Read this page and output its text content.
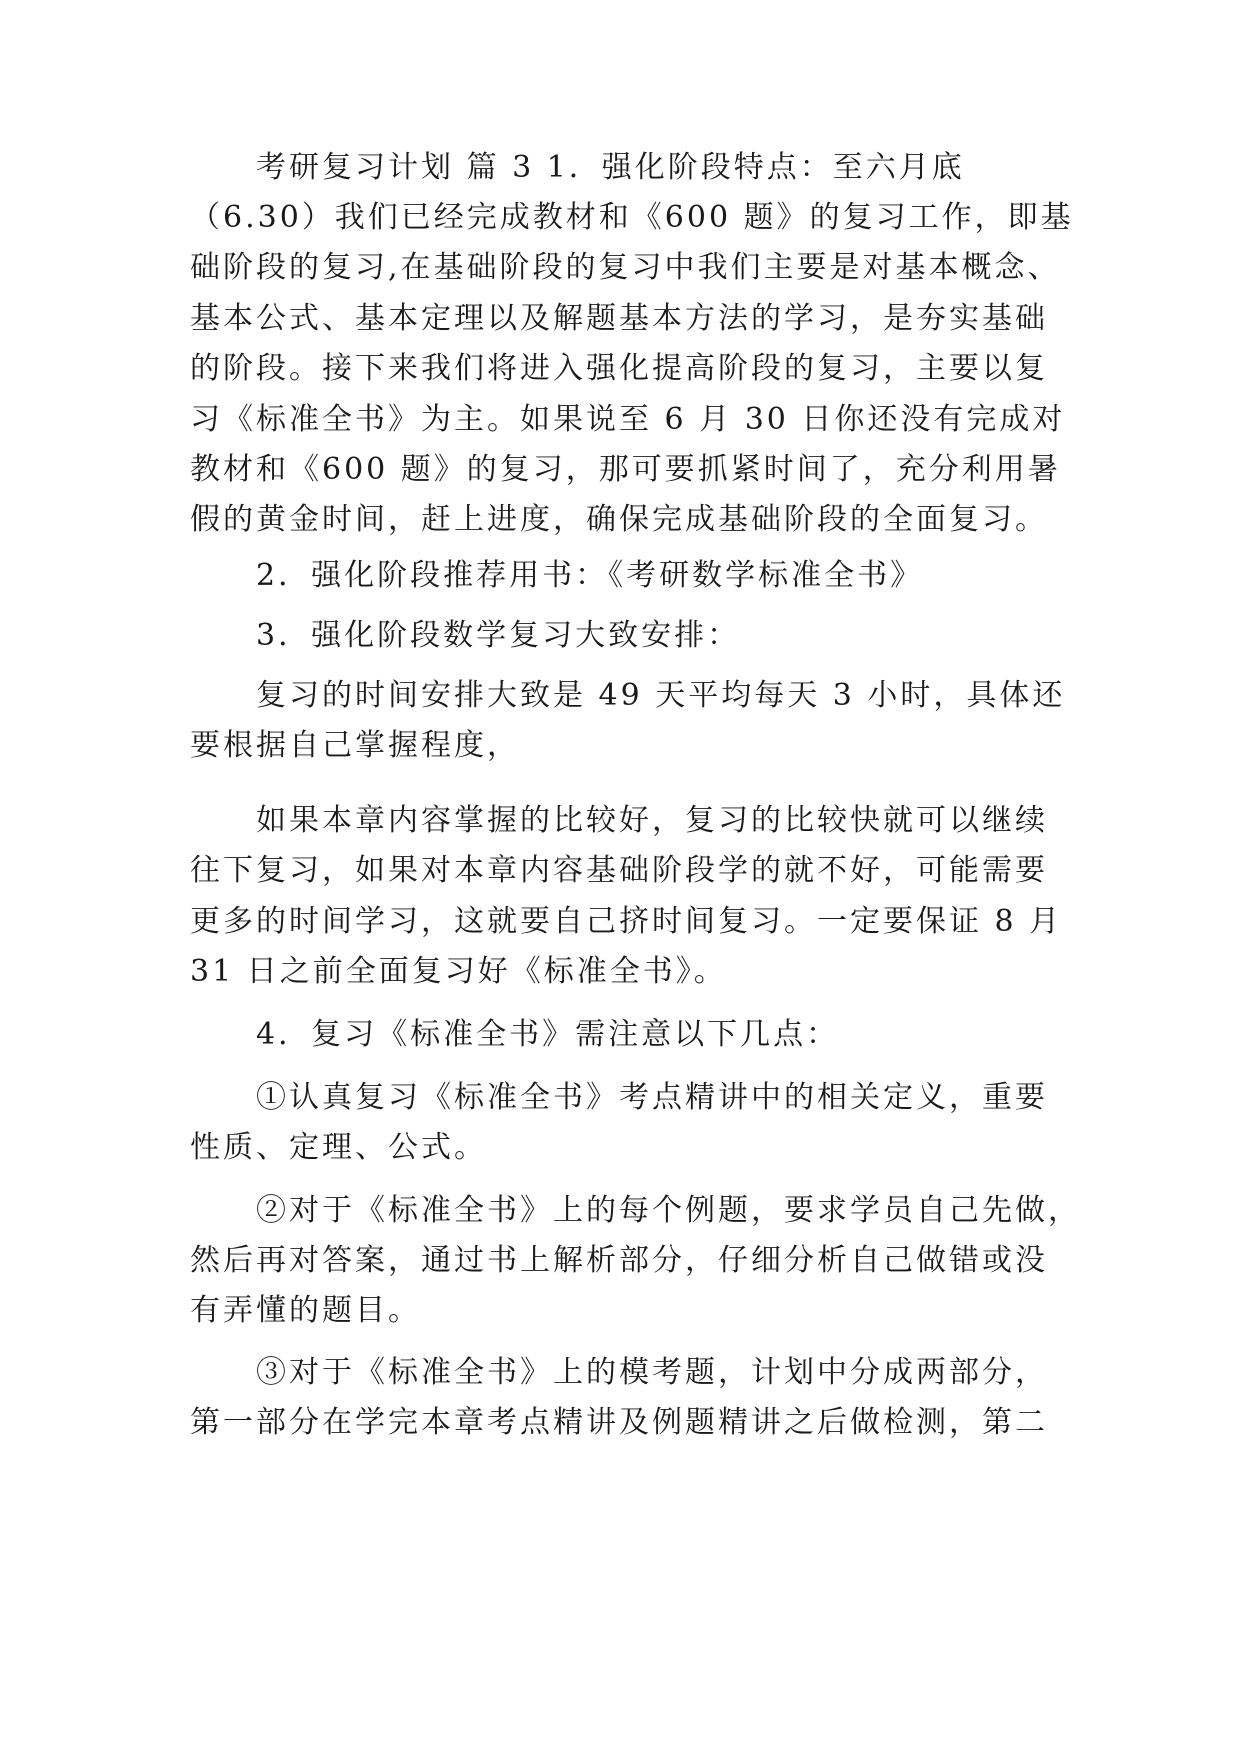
考研复习计划 篇 3 1．强化阶段特点：至六月底

（6.30）我们已经完成教材和《600 题》的复习工作，即基

础阶段的复习,在基础阶段的复习中我们主要是对基本概念、

基本公式、基本定理以及解题基本方法的学习，是夯实基础

的阶段。接下来我们将进入强化提高阶段的复习，主要以复

习《标准全书》为主。如果说至 6 月 30 日你还没有完成对

教材和《600 题》的复习，那可要抓紧时间了，充分利用暑

假的黄金时间，赶上进度，确保完成基础阶段的全面复习。

2．强化阶段推荐用书：《考研数学标准全书》

3．强化阶段数学复习大致安排：

复习的时间安排大致是 49 天平均每天 3 小时，具体还

要根据自己掌握程度，

如果本章内容掌握的比较好，复习的比较快就可以继续

往下复习，如果对本章内容基础阶段学的就不好，可能需要

更多的时间学习，这就要自己挤时间复习。一定要保证 8 月

31 日之前全面复习好《标准全书》。

4．复习《标准全书》需注意以下几点：

①认真复习《标准全书》考点精讲中的相关定义，重要

性质、定理、公式。

②对于《标准全书》上的每个例题，要求学员自己先做，

然后再对答案，通过书上解析部分，仔细分析自己做错或没

有弄懂的题目。

③对于《标准全书》上的模考题，计划中分成两部分，

第一部分在学完本章考点精讲及例题精讲之后做检测，第二
